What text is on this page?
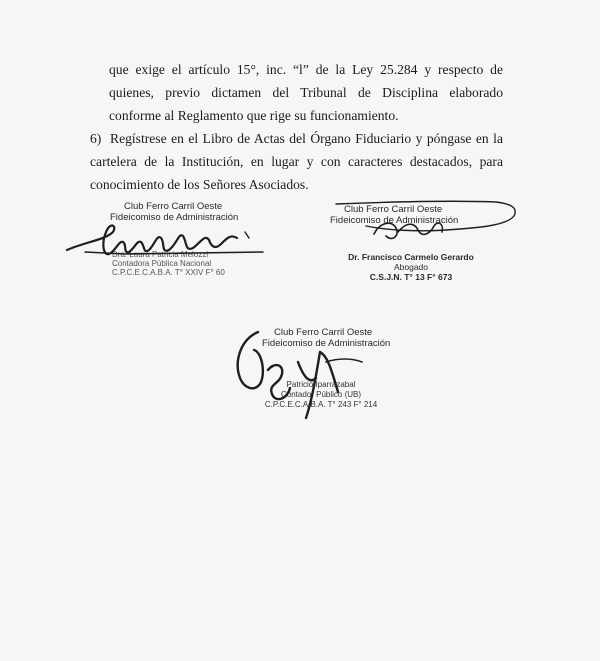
que exige el artículo 15°, inc. “l” de la Ley 25.284 y respecto de
quienes, previo dictamen del Tribunal de Disciplina elaborado
conforme al Reglamento que rige su funcionamiento.

6) Regístrese en el Libro de Actas del Órgano Fiduciario y póngase en la
cartelera de la Institución, en lugar y con caracteres destacados, para
conocimiento de los Señores Asociados.

Club Ferro Carril Oeste
Fideicomiso de Administración
Dra. Laura Patricia Melozzi
Contadora Pública Nacional
C.P.C.E.C.A.B.A. T° XXIV F° 60
Club Ferro Carril Oeste
Fideicomiso de Administración
Dr. Francisco Carmelo Gerardo
Abogado
C.S.J.N. T° 13 F° 673
Club Ferro Carril Oeste
Fideicomiso de Administración
Patricio Iparrázabal
Contador Público (UB)
C.P.C.E.C.A.B.A. T° 243 F° 214
